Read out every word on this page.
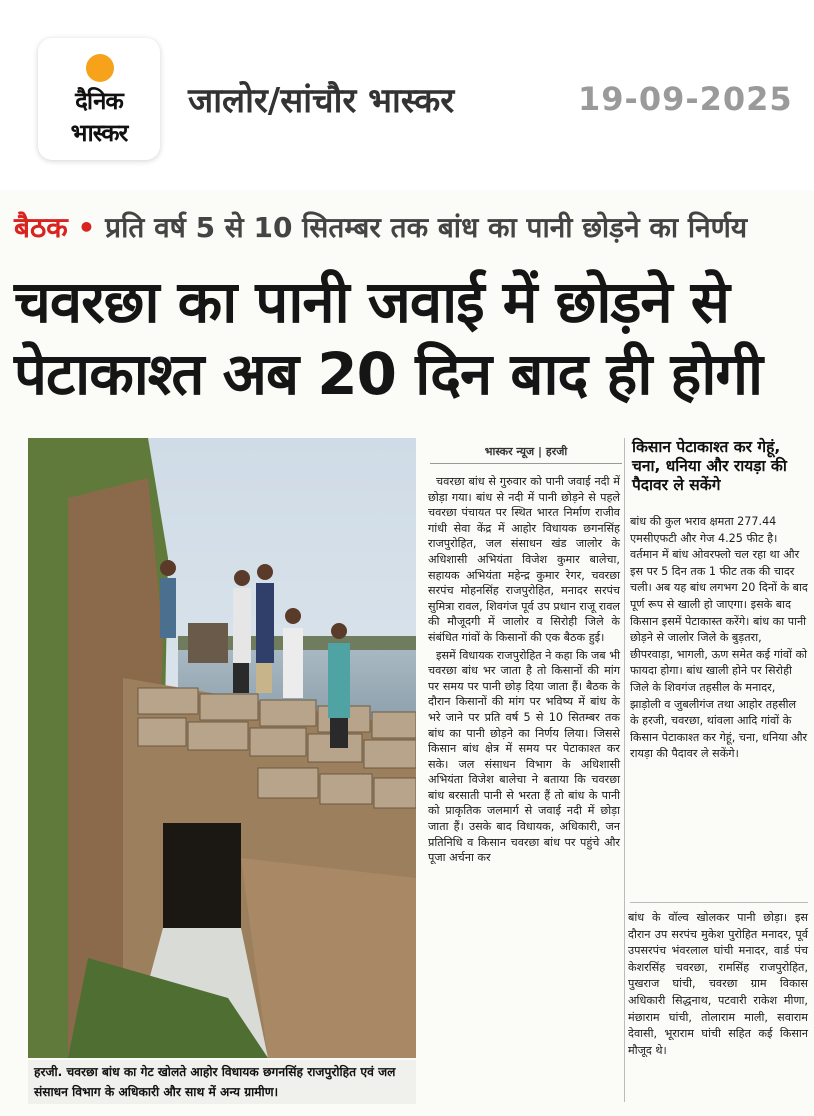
दैनिक
भास्कर
जालोर/सांचौर भास्कर	19-09-2025
बैठक • प्रति वर्ष 5 से 10 सितम्बर तक बांध का पानी छोड़ने का निर्णय
चवरछा का पानी जवाई में छोड़ने से
पेटाकाश्त अब 20 दिन बाद ही होगी
हरजी. चवरछा बांध का गेट खोलते आहोर विधायक छगनसिंह राजपुरोहित एवं जल संसाधन विभाग के अधिकारी और साथ में अन्य ग्रामीण।
भास्कर न्यूज | हरजी

चवरछा बांध से गुरुवार को पानी जवाई नदी में छोड़ा गया। बांध से नदी में पानी छोड़ने से पहले चवरछा पंचायत पर स्थित भारत निर्माण राजीव गांधी सेवा केंद्र में आहोर विधायक छगनसिंह राजपुरोहित, जल संसाधन खंड जालोर के अधिशासी अभियंता विजेश कुमार बालेचा, सहायक अभियंता महेन्द्र कुमार रेगर, चवरछा सरपंच मोहनसिंह राजपुरोहित, मनादर सरपंच सुमित्रा रावल, शिवगंज पूर्व उप प्रधान राजू रावल की मौजूदगी में जालोर व सिरोही जिले के संबंधित गांवों के किसानों की एक बैठक हुई।

इसमें विधायक राजपुरोहित ने कहा कि जब भी चवरछा बांध भर जाता है तो किसानों की मांग पर समय पर पानी छोड़ दिया जाता हैं। बैठक के दौरान किसानों की मांग पर भविष्य में बांध के भरे जाने पर प्रति वर्ष 5 से 10 सितम्बर तक बांध का पानी छोड़ने का निर्णय लिया। जिससे किसान बांध क्षेत्र में समय पर पेटाकाश्त कर सके। जल संसाधन विभाग के अधिशासी अभियंता विजेश बालेचा ने बताया कि चवरछा बांध बरसाती पानी से भरता हैं तो बांध के पानी को प्राकृतिक जलमार्ग से जवाई नदी में छोड़ा जाता हैं। उसके बाद विधायक, अधिकारी, जन प्रतिनिधि व किसान चवरछा बांध पर पहुंचे और पूजा अर्चना कर

किसान पेटाकाश्त कर गेहूं, चना, धनिया और रायड़ा की पैदावर ले सकेंगे
बांध की कुल भराव क्षमता 277.44 एमसीएफटी और गेज 4.25 फीट है। वर्तमान में बांध ओवरफ्लो चल रहा था और इस पर 5 दिन तक 1 फीट तक की चादर चली। अब यह बांध लगभग 20 दिनों के बाद पूर्ण रूप से खाली हो जाएगा। इसके बाद किसान इसमें पेटाकास्त करेंगे। बांध का पानी छोड़ने से जालोर जिले के बुड़तरा, छीपरवाड़ा, भागली, ऊण समेत कई गांवों को फायदा होगा। बांध खाली होने पर सिरोही जिले के शिवगंज तहसील के मनादर, झाड़ोली व जुबलीगंज तथा आहोर तहसील के हरजी, चवरछा, थांवला आदि गांवों के किसान पेटाकाश्त कर गेहूं, चना, धनिया और रायड़ा की पैदावर ले सकेंगे।
बांध के वॉल्व खोलकर पानी छोड़ा। इस दौरान उप सरपंच मुकेश पुरोहित मनादर, पूर्व उपसरपंच भंवरलाल घांची मनादर, वार्ड पंच केशरसिंह चवरछा, रामसिंह राजपुरोहित, पुखराज घांची, चवरछा ग्राम विकास अधिकारी सिद्धनाथ, पटवारी राकेश मीणा, मंछाराम घांची, तोलाराम माली, सवाराम देवासी, भूराराम घांची सहित कई किसान मौजूद थे।
